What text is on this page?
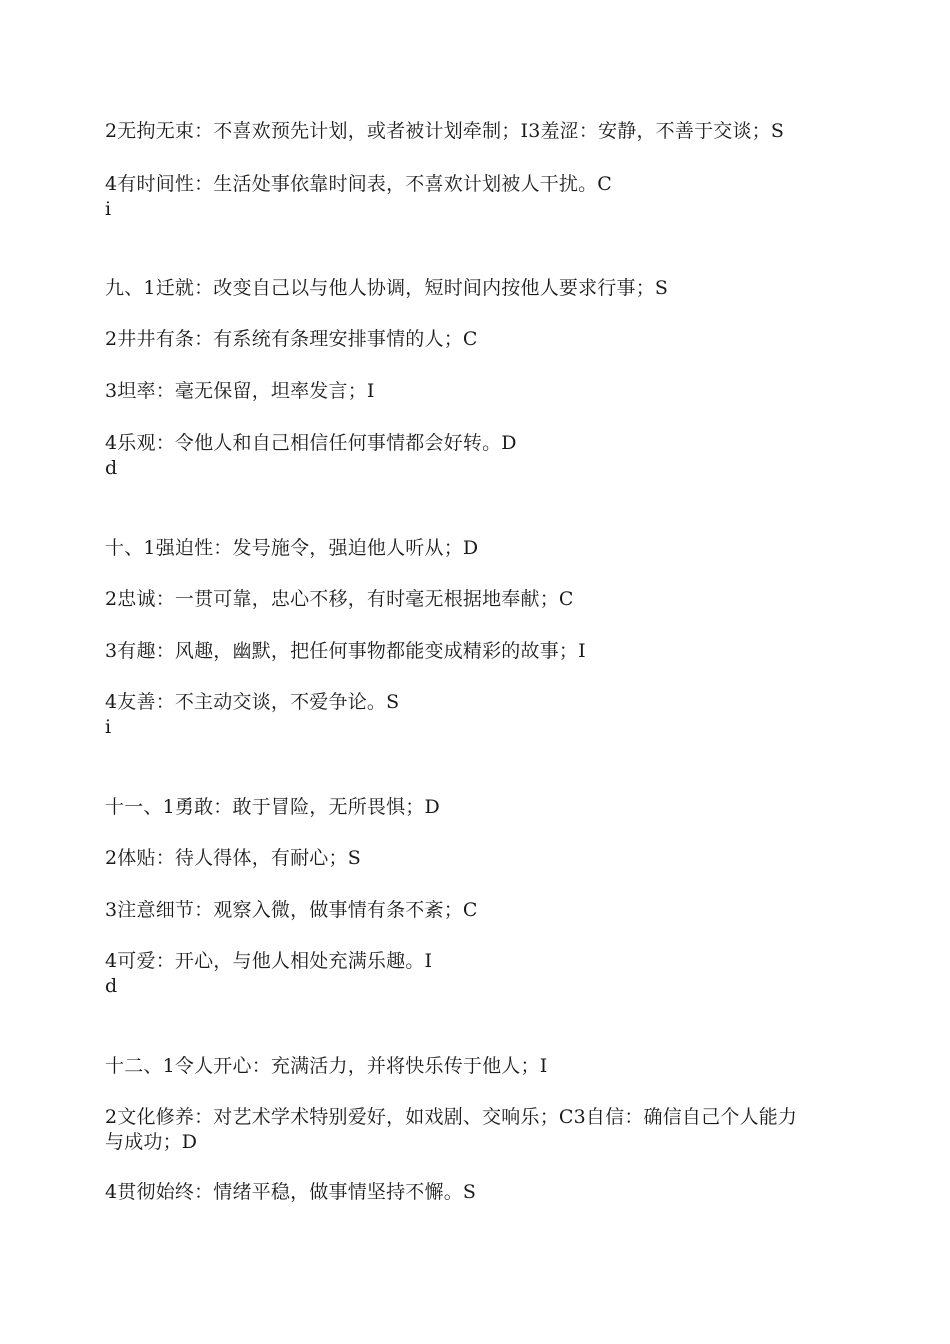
2无拘无束：不喜欢预先计划，或者被计划牵制；I3羞涩：安静，不善于交谈；S
4有时间性：生活处事依靠时间表，不喜欢计划被人干扰。C
i
九、1迁就：改变自己以与他人协调，短时间内按他人要求行事；S
2井井有条：有系统有条理安排事情的人；C
3坦率：毫无保留，坦率发言；I
4乐观：令他人和自己相信任何事情都会好转。D
d
十、1强迫性：发号施令，强迫他人听从；D
2忠诚：一贯可靠，忠心不移，有时毫无根据地奉献；C
3有趣：风趣，幽默，把任何事物都能变成精彩的故事；I
4友善：不主动交谈，不爱争论。S
i
十一、1勇敢：敢于冒险，无所畏惧；D
2体贴：待人得体，有耐心；S
3注意细节：观察入微，做事情有条不紊；C
4可爱：开心，与他人相处充满乐趣。I
d
十二、1令人开心：充满活力，并将快乐传于他人；I
2文化修养：对艺术学术特别爱好，如戏剧、交响乐；C3自信：确信自己个人能力
与成功；D
4贯彻始终：情绪平稳，做事情坚持不懈。S
